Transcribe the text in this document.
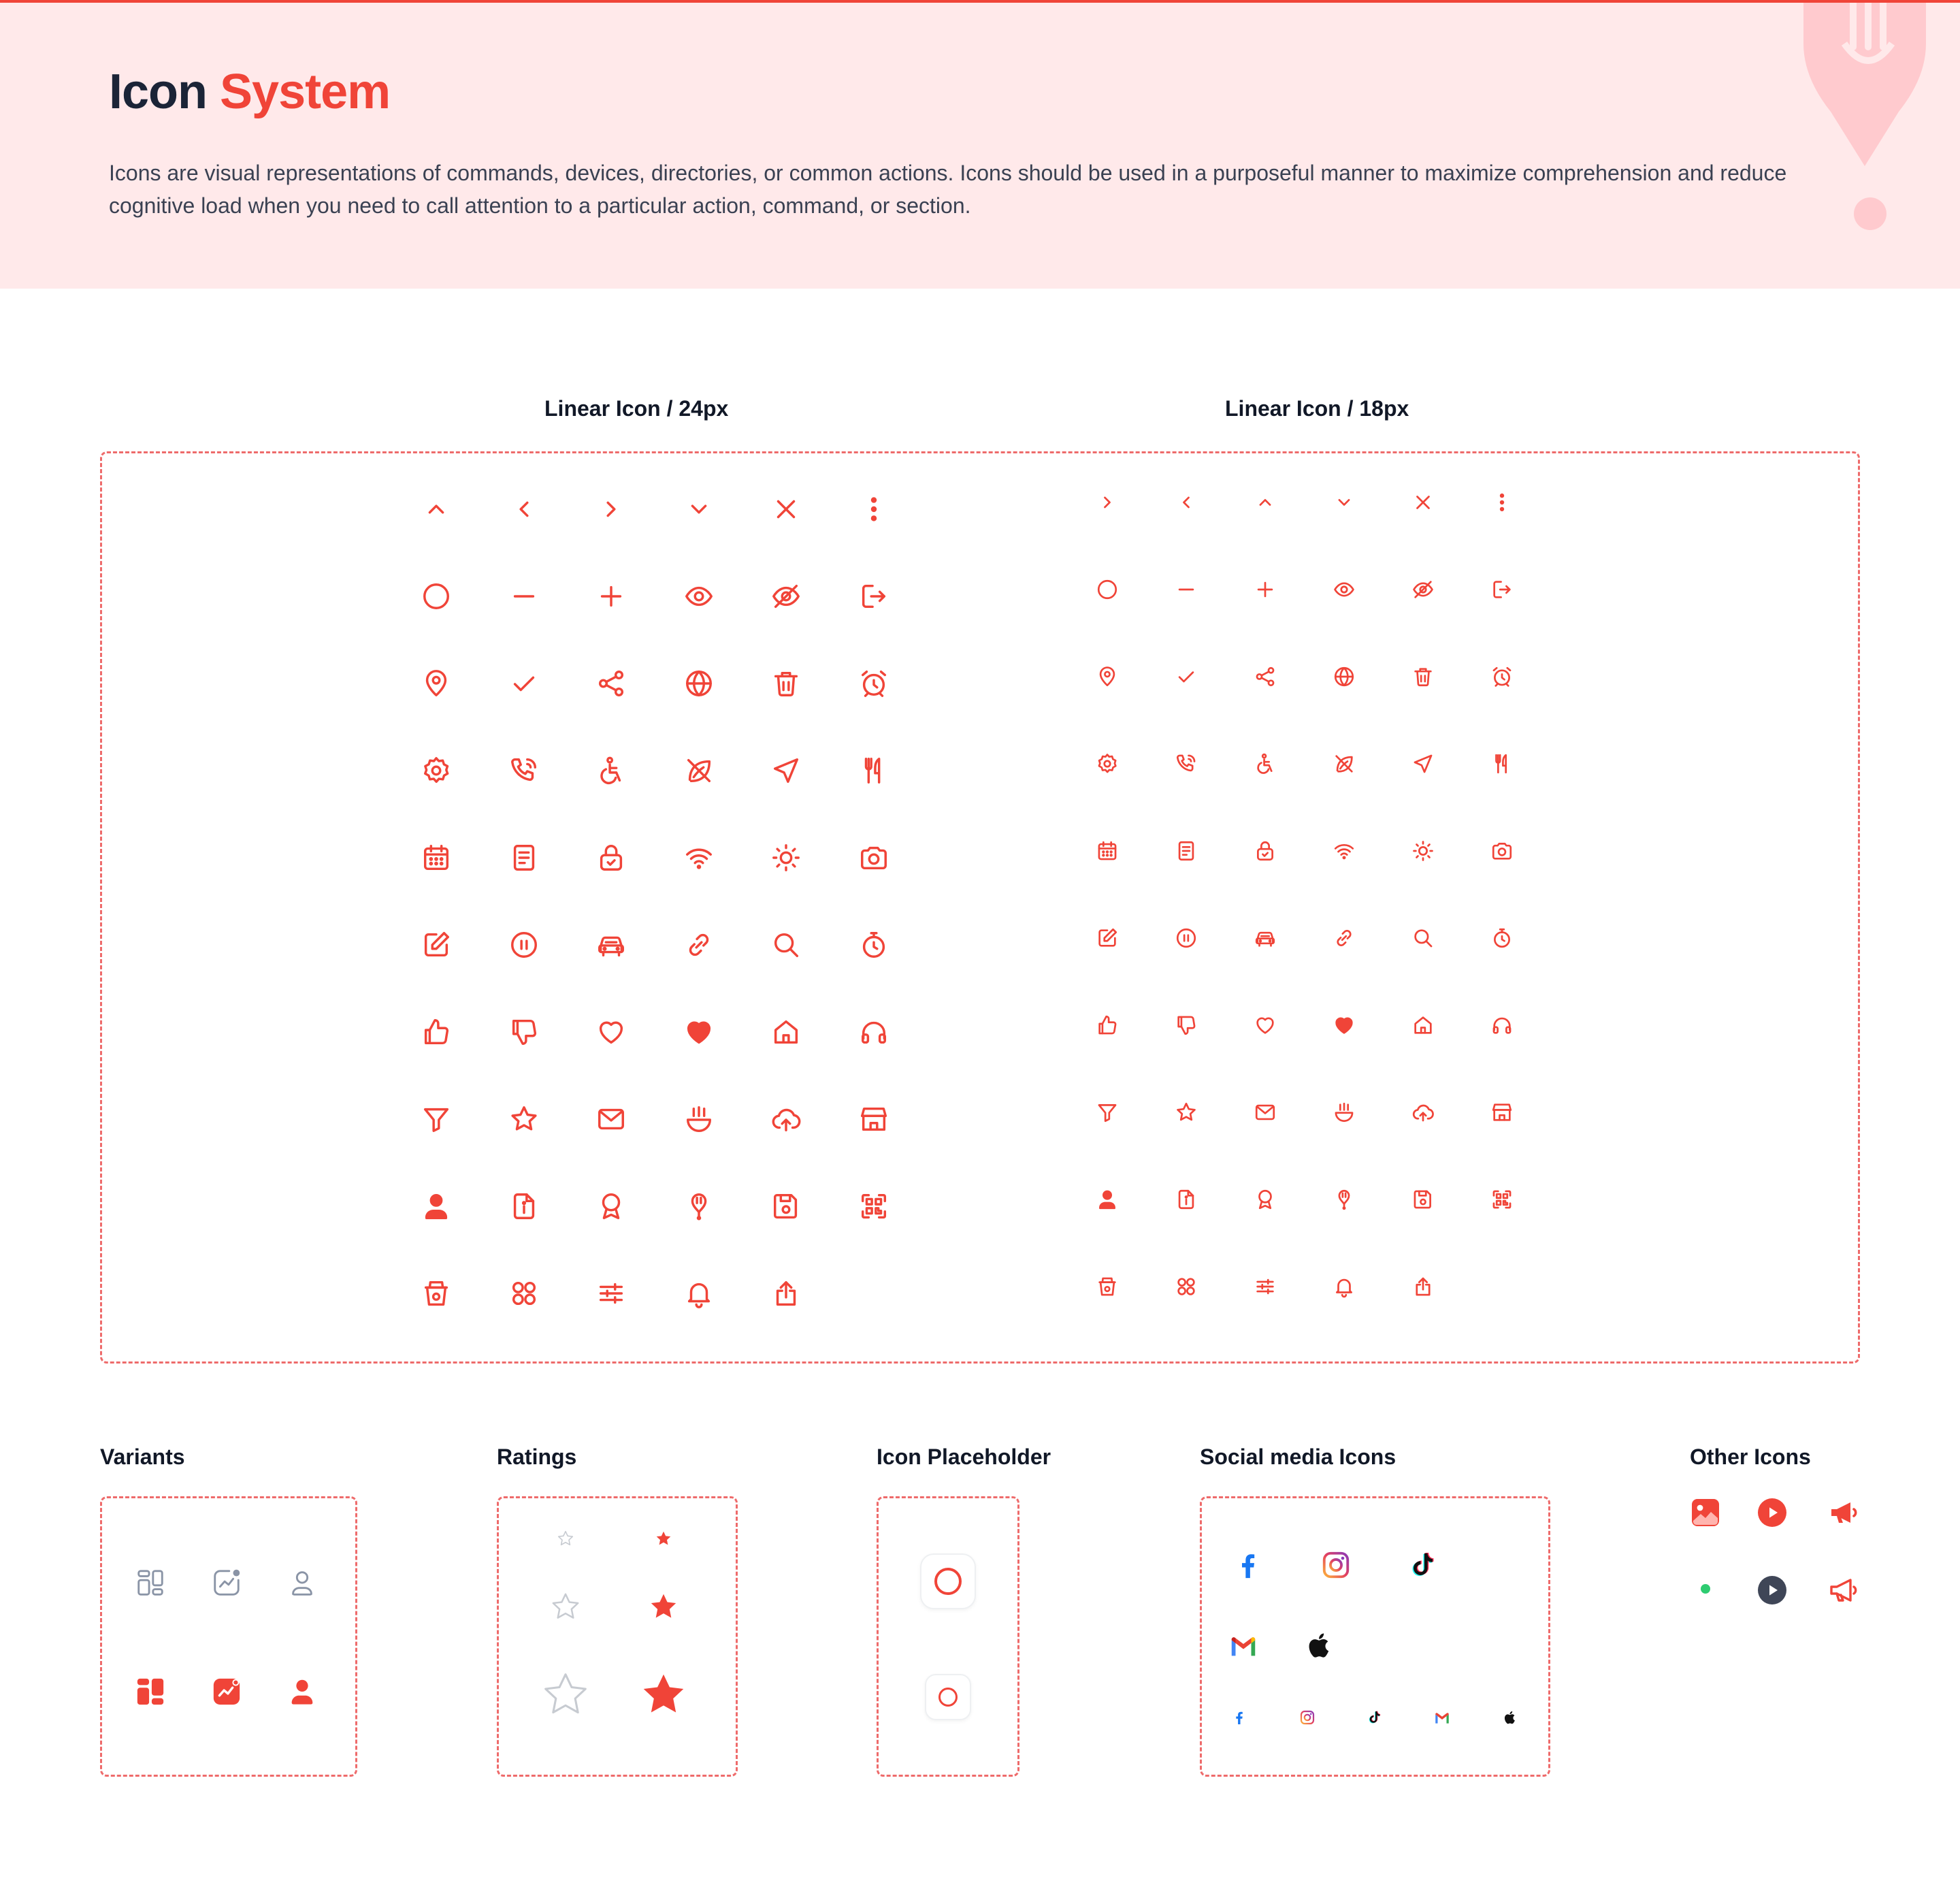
Icon System

Icons are visual representations of commands, devices, directories, or common actions. Icons should be used in a purposeful manner to maximize comprehension and reduce cognitive load when you need to call attention to a particular action, command, or section.

Linear Icon / 24px	Linear Icon / 18px
Variants	Ratings	Icon Placeholder	Social media Icons	Other Icons
